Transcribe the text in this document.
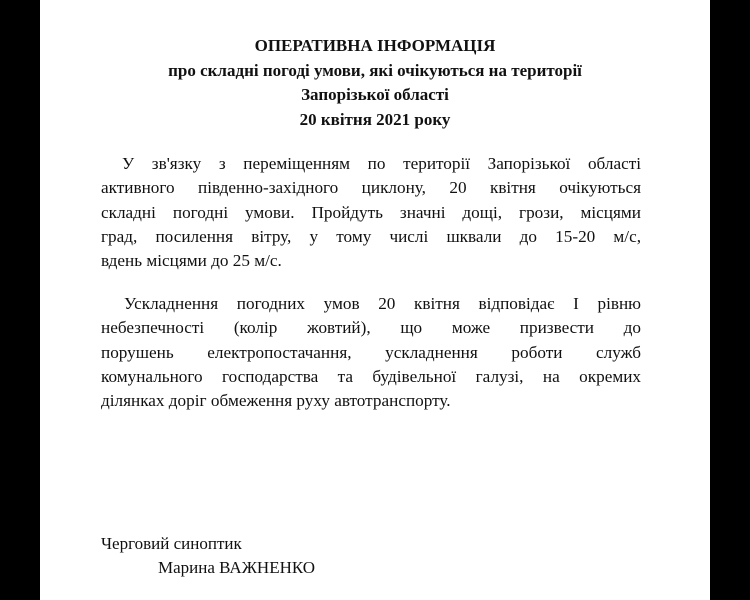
ОПЕРАТИВНА ІНФОРМАЦІЯ
про складні погоді умови, які очікуються на території
Запорізької області
20 квітня 2021 року

У зв'язку з переміщенням по території Запорізької області
активного південно-західного циклону, 20 квітня очікуються
складні погодні умови. Пройдуть значні дощі, грози, місцями
град, посилення вітру, у тому числі шквали до 15-20 м/с,
вдень місцями до 25 м/с.

Ускладнення погодних умов 20 квітня відповідає І рівню
небезпечності (колір жовтий), що може призвести до
порушень електропостачання, ускладнення роботи служб
комунального господарства та будівельної галузі, на окремих
ділянках доріг обмеження руху автотранспорту.

Черговий синоптик
Марина ВАЖНЕНКО
